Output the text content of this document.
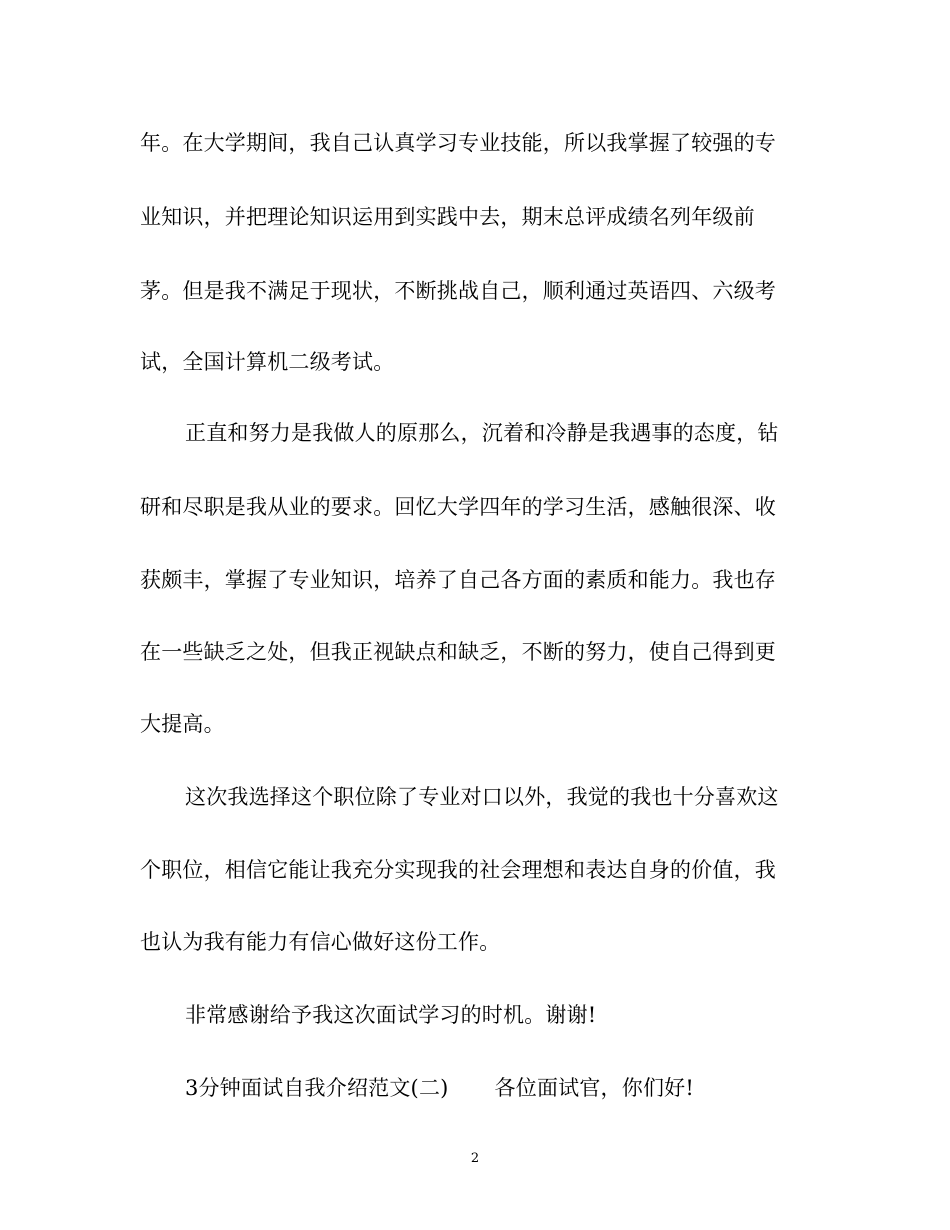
年。在大学期间，我自己认真学习专业技能，所以我掌握了较强的专
业知识，并把理论知识运用到实践中去，期末总评成绩名列年级前
茅。但是我不满足于现状，不断挑战自己，顺利通过英语四、六级考
试，全国计算机二级考试。
正直和努力是我做人的原那么，沉着和冷静是我遇事的态度，钻
研和尽职是我从业的要求。回忆大学四年的学习生活，感触很深、收
获颇丰，掌握了专业知识，培养了自己各方面的素质和能力。我也存
在一些缺乏之处，但我正视缺点和缺乏，不断的努力，使自己得到更
大提高。
这次我选择这个职位除了专业对口以外，我觉的我也十分喜欢这
个职位，相信它能让我充分实现我的社会理想和表达自身的价值，我
也认为我有能力有信心做好这份工作。
非常感谢给予我这次面试学习的时机。谢谢!
3分钟面试自我介绍范文(二) 各位面试官，你们好!
2
